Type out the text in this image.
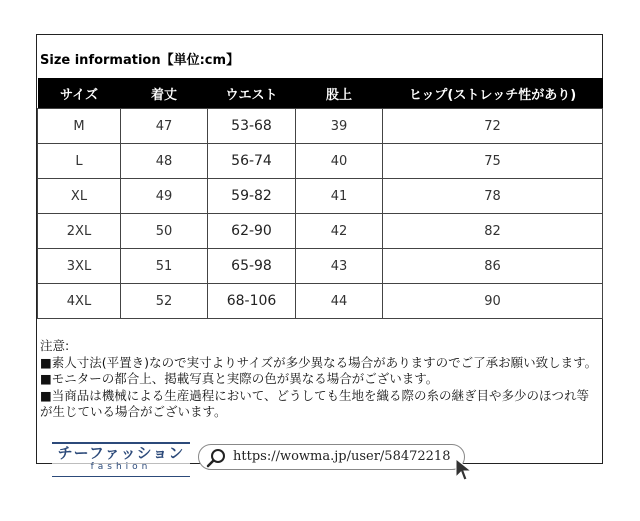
Size information【単位:cm】
サイズ	着丈	ウエスト	股上	ヒップ(ストレッチ性があり)
M	47	53-68	39	72
L	48	56-74	40	75
XL	49	59-82	41	78
2XL	50	62-90	42	82
3XL	51	65-98	43	86
4XL	52	68-106	44	90
注意:
■素人寸法(平置き)なので実寸よりサイズが多少異なる場合がありますのでご了承お願い致します。
■モニターの都合上、掲載写真と実際の色が異なる場合がございます。
■当商品は機械による生産過程において、どうしても生地を織る際の糸の継ぎ目や多少のほつれ等が生じている場合がございます。
チーファッション
fashion
https://wowma.jp/user/58472218
